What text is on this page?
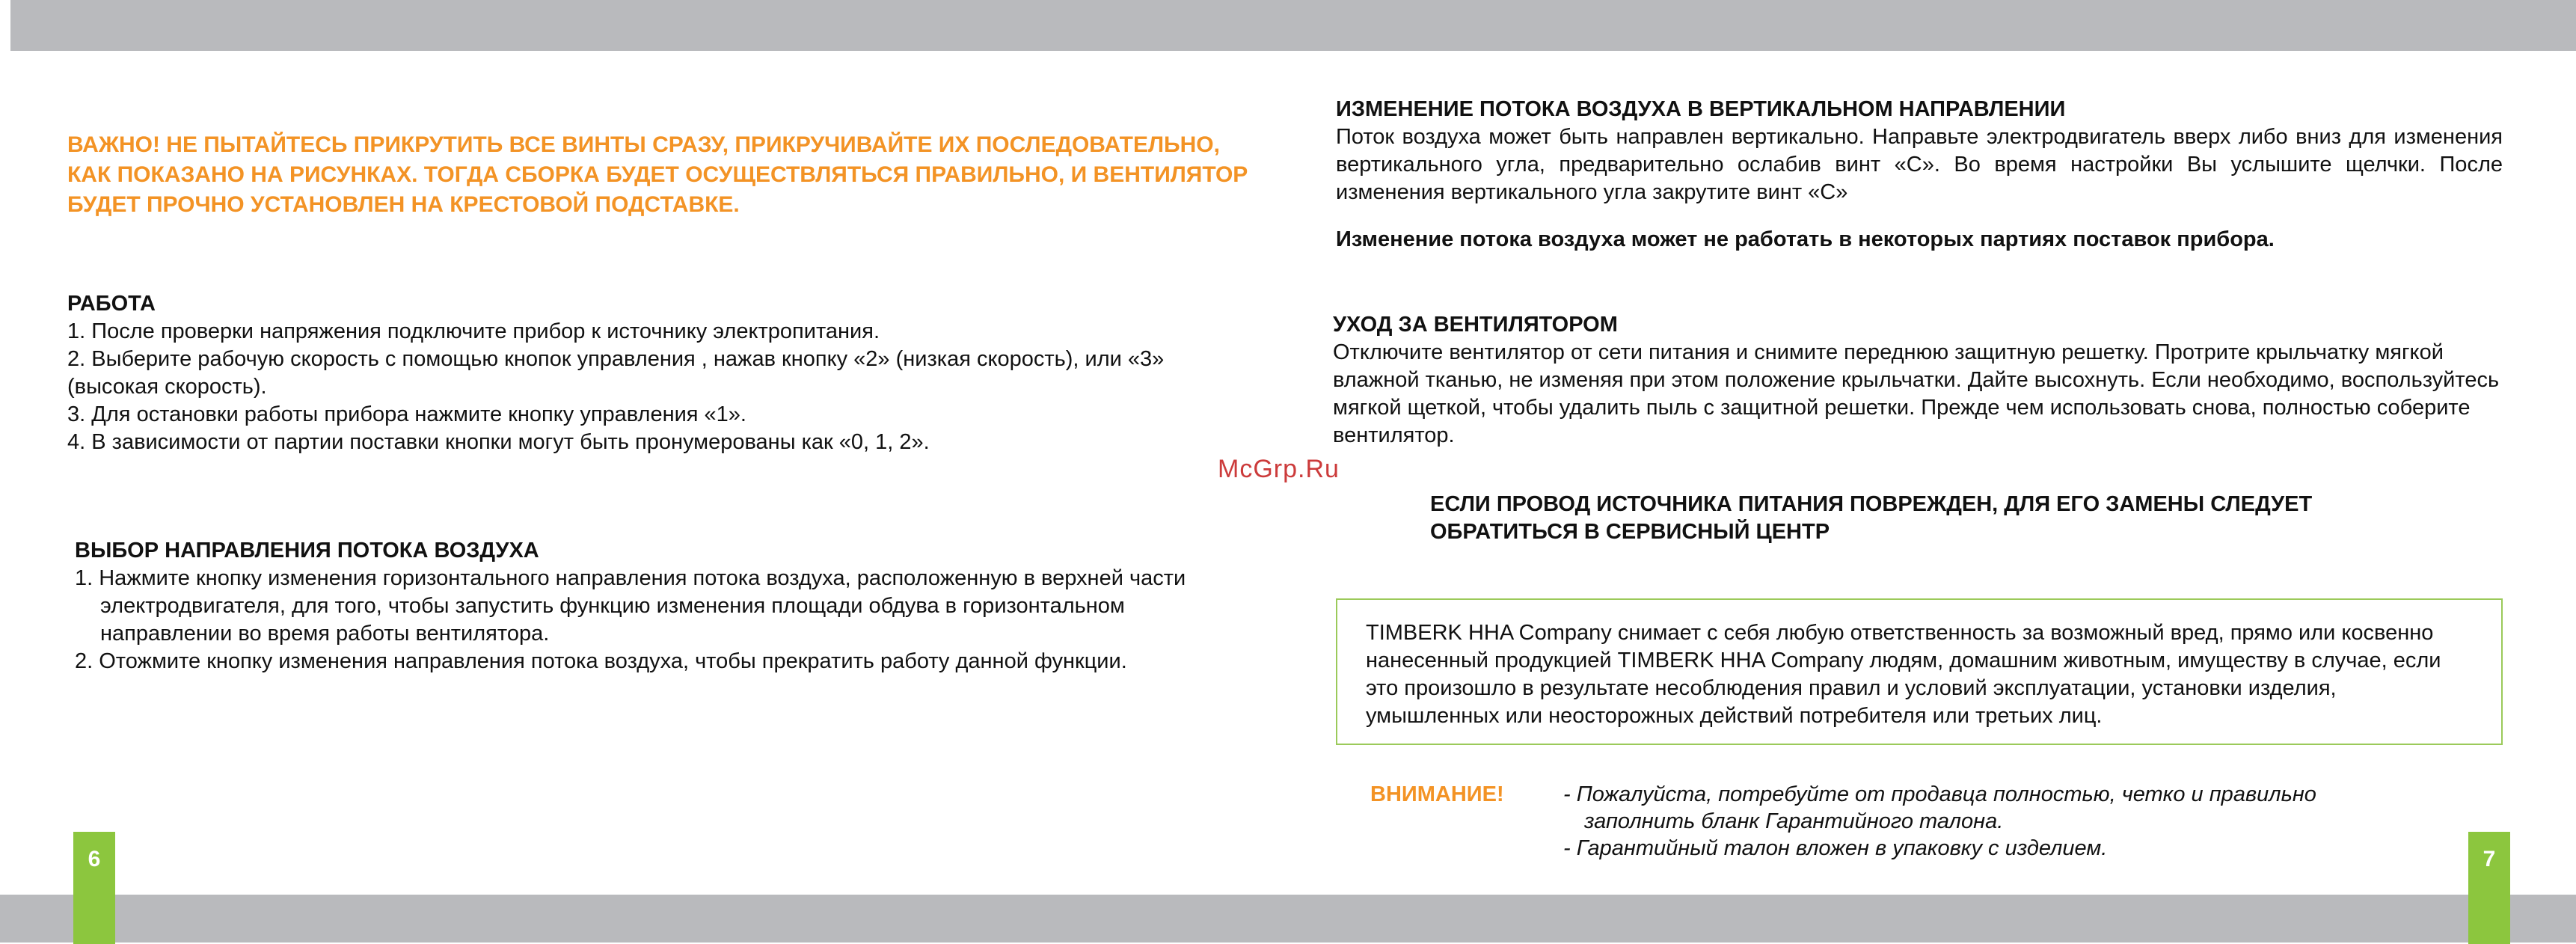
ВАЖНО! НЕ ПЫТАЙТЕСЬ ПРИКРУТИТЬ ВСЕ ВИНТЫ СРАЗУ, ПРИКРУЧИВАЙТЕ ИХ ПОСЛЕДОВАТЕЛЬНО, КАК ПОКАЗАНО НА РИСУНКАХ. ТОГДА СБОРКА БУДЕТ ОСУЩЕСТВЛЯТЬСЯ ПРАВИЛЬНО, И ВЕНТИЛЯТОР БУДЕТ ПРОЧНО УСТАНОВЛЕН НА КРЕСТОВОЙ ПОДСТАВКЕ.

РАБОТА
1. После проверки напряжения подключите прибор к источнику электропитания.
2. Выберите рабочую скорость с помощью кнопок управления , нажав кнопку «2» (низкая скорость), или «3» (высокая скорость).
3. Для остановки работы прибора нажмите кнопку управления «1».
4. В зависимости от партии поставки кнопки могут быть пронумерованы как «0, 1, 2».
ВЫБОР НАПРАВЛЕНИЯ ПОТОКА ВОЗДУХА
1. Нажмите кнопку изменения горизонтального направления потока воздуха, расположенную в верхней части электродвигателя, для того, чтобы запустить функцию изменения площади обдува в горизонтальном направлении во время работы вентилятора.
2. Отожмите кнопку изменения направления потока воздуха, чтобы прекратить работу данной функции.
McGrp.Ru
ИЗМЕНЕНИЕ ПОТОКА ВОЗДУХА В ВЕРТИКАЛЬНОМ НАПРАВЛЕНИИ

Поток воздуха может быть направлен вертикально. Направьте электродвигатель вверх либо вниз для изменения вертикального угла, предварительно ослабив винт «С». Во время настройки Вы услышите щелчки. После изменения вертикального угла закрутите винт «С»

Изменение потока воздуха может не работать в некоторых партиях поставок прибора.

УХОД ЗА ВЕНТИЛЯТОРОМ

Отключите вентилятор от сети питания и снимите переднюю защитную решетку. Протрите крыльчатку мягкой влажной тканью, не изменяя при этом положение крыльчатки. Дайте высохнуть. Если необходимо, воспользуйтесь мягкой щеткой, чтобы удалить пыль с защитной решетки. Прежде чем использовать снова, полностью соберите вентилятор.

ЕСЛИ ПРОВОД ИСТОЧНИКА ПИТАНИЯ ПОВРЕЖДЕН, ДЛЯ ЕГО ЗАМЕНЫ СЛЕДУЕТ ОБРАТИТЬСЯ В СЕРВИСНЫЙ ЦЕНТР

TIMBERK HHA Company снимает с себя любую ответственность за возможный вред, прямо или косвенно нанесенный продукцией TIMBERK HHA Company людям, домашним животным, имуществу в случае, если это произошло в результате несоблюдения правил и условий эксплуатации, установки изделия, умышленных или неосторожных действий потребителя или третьих лиц.

ВНИМАНИЕ!	- Пожалуйста, потребуйте от продавца полностью, четко и правильно заполнить бланк Гарантийного талона.
- Гарантийный талон вложен в упаковку с изделием.
6	7
